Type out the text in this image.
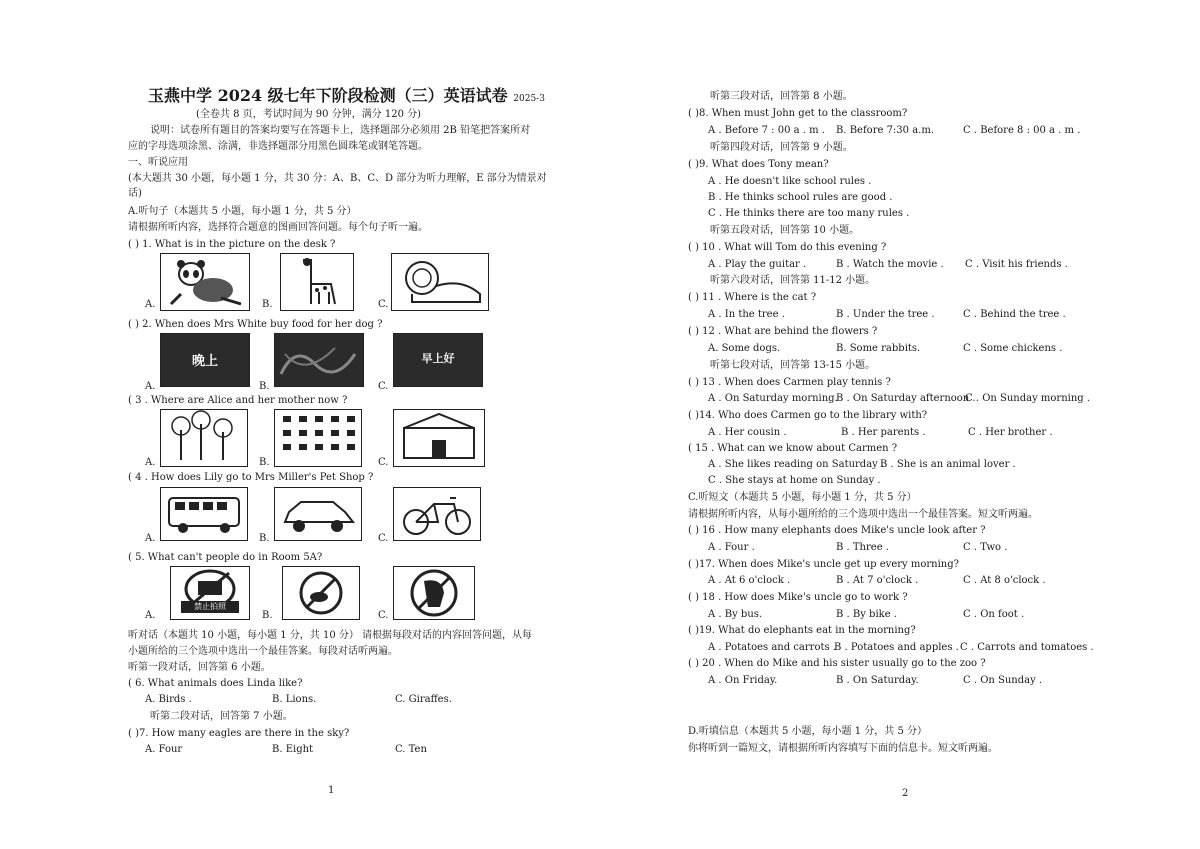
玉燕中学 2024 级七年下阶段检测（三）英语试卷 2025-3
(全卷共 8 页，考试时间为 90 分钟，满分 120 分)
说明：试卷所有题目的答案均要写在答题卡上，选择题部分必须用 2B 铅笔把答案所对
应的字母选项涂黑、涂满，非选择题部分用黑色圆珠笔或钢笔答题。
一、听说应用
(本大题共 30 小题，每小题 1 分，共 30 分：A、B、C、D 部分为听力理解，E 部分为情景对
话)
A.听句子（本题共 5 小题，每小题 1 分，共 5 分）
请根据所听内容，选择符合题意的图画回答问题。每个句子听一遍。
( ) 1. What is in the picture on the desk ?
A.	B.	C.
( ) 2. When does Mrs White buy food for her dog ?
A.
晚上
B.	C.
早上好
( 3 . Where are Alice and her mother now ?
A.	B.	C.
( 4 . How does Lily go to Mrs Miller's Pet Shop ?
A.	B.	C.
( 5. What can't people do in Room 5A?
A.
禁止拍照
B.	C.
听对话（本题共 10 小题，每小题 1 分，共 10 分） 请根据每段对话的内容回答问题，从每
小题所给的三个选项中选出一个最佳答案。每段对话听两遍。
听第一段对话，回答第 6 小题。
( 6. What animals does Linda like?
A. Birds .	B. Lions.	C. Giraffes.
听第二段对话，回答第 7 小题。
( )7. How many eagles are there in the sky?
A. Four	B. Eight	C. Ten
1
听第三段对话，回答第 8 小题。
( )8. When must John get to the classroom?
A . Before 7 : 00 a . m . B. Before 7:30 a.m.	C . Before 8 : 00 a . m .
听第四段对话，回答第 9 小题。
( )9. What does Tony mean?
A . He doesn't like school rules .
B . He thinks school rules are good .
C . He thinks there are too many rules .
听第五段对话，回答第 10 小题。
( ) 10 . What will Tom do this evening ?
A . Play the guitar .	B . Watch the movie . C . Visit his friends .
听第六段对话，回答第 11-12 小题。
( ) 11 . Where is the cat ?
A . In the tree .	B . Under the tree .	C . Behind the tree .
( ) 12 . What are behind the flowers ?
A. Some dogs.	B. Some rabbits.	C . Some chickens .
听第七段对话，回答第 13-15 小题。
( ) 13 . When does Carmen play tennis ?
A . On Saturday morning.
B . On Saturday afternoon .
C . On Sunday morning .
( )14. Who does Carmen go to the library with?
A . Her cousin .	B . Her parents .	C . Her brother .
( 15 . What can we know about Carmen ?
A . She likes reading on Saturday .
B . She is an animal lover .
C . She stays at home on Sunday .
C.听短文（本题共 5 小题，每小题 1 分，共 5 分）
请根据所听内容，从每小题所给的三个选项中选出一个最佳答案。短文听两遍。
( ) 16 . How many elephants does Mike's uncle look after ?
A . Four .	B . Three .	C . Two .
( )17. When does Mike's uncle get up every morning?
A . At 6 o'clock .	B . At 7 o'clock .	C . At 8 o'clock .
( ) 18 . How does Mike's uncle go to work ?
A . By bus.	B . By bike .	C . On foot .
( )19. What do elephants eat in the morning?
A . Potatoes and carrots .
B . Potatoes and apples . C . Carrots and tomatoes .
( ) 20 . When do Mike and his sister usually go to the zoo ?
A . On Friday.	B . On Saturday.	C . On Sunday .
D.听填信息（本题共 5 小题，每小题 1 分，共 5 分）
你将听到一篇短文，请根据所听内容填写下面的信息卡。短文听两遍。
2
